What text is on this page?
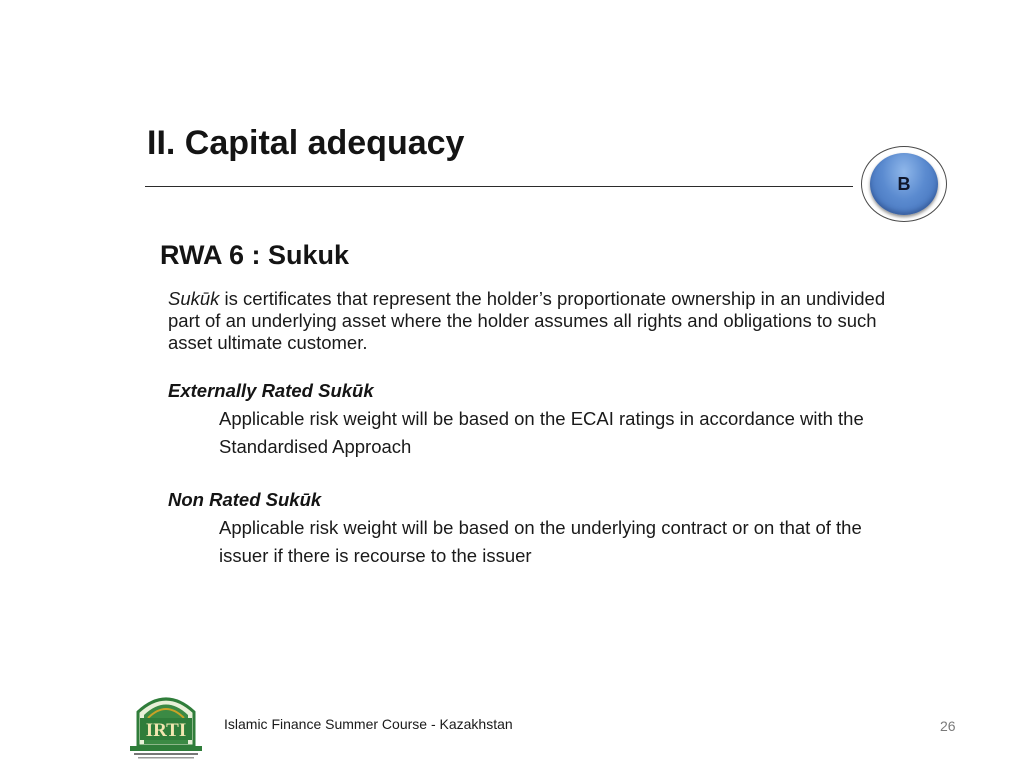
II. Capital adequacy
B
RWA 6 : Sukuk
Sukūk is certificates that represent the holder’s proportionate ownership in an undivided part of an underlying asset where the holder assumes all rights and obligations to such asset ultimate customer.
Externally Rated Sukūk
Applicable risk weight will be based on the ECAI ratings in accordance with the Standardised Approach
Non Rated Sukūk
Applicable risk weight will be based on the underlying contract or on that of the issuer if there is recourse to the issuer
IRTI	Islamic Finance Summer Course - Kazakhstan	26
